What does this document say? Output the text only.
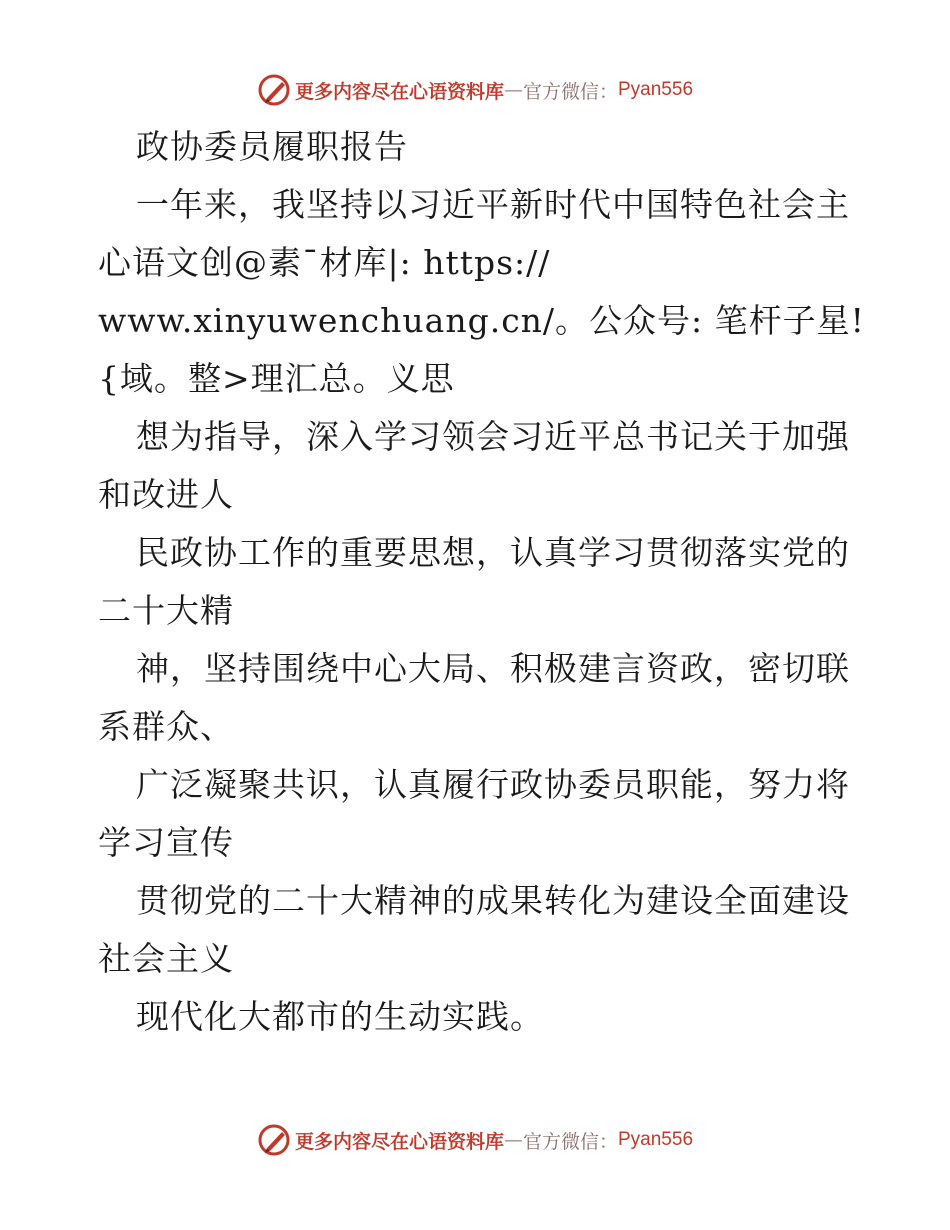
更多内容尽在心语资料库 — 官方微信： Pyan556
政协委员履职报告
一年来，我坚持以习近平新时代中国特色社会主
心语文创@素¯材库|: https://
www.xinyuwenchuang.cn/。公众号: 笔杆子星!
{域。整>理汇总。义思
想为指导，深入学习领会习近平总书记关于加强
和改进人
民政协工作的重要思想，认真学习贯彻落实党的
二十大精
神，坚持围绕中心大局、积极建言资政，密切联
系群众、
广泛凝聚共识，认真履行政协委员职能，努力将
学习宣传
贯彻党的二十大精神的成果转化为建设全面建设
社会主义
现代化大都市的生动实践。
更多内容尽在心语资料库 — 官方微信： Pyan556
